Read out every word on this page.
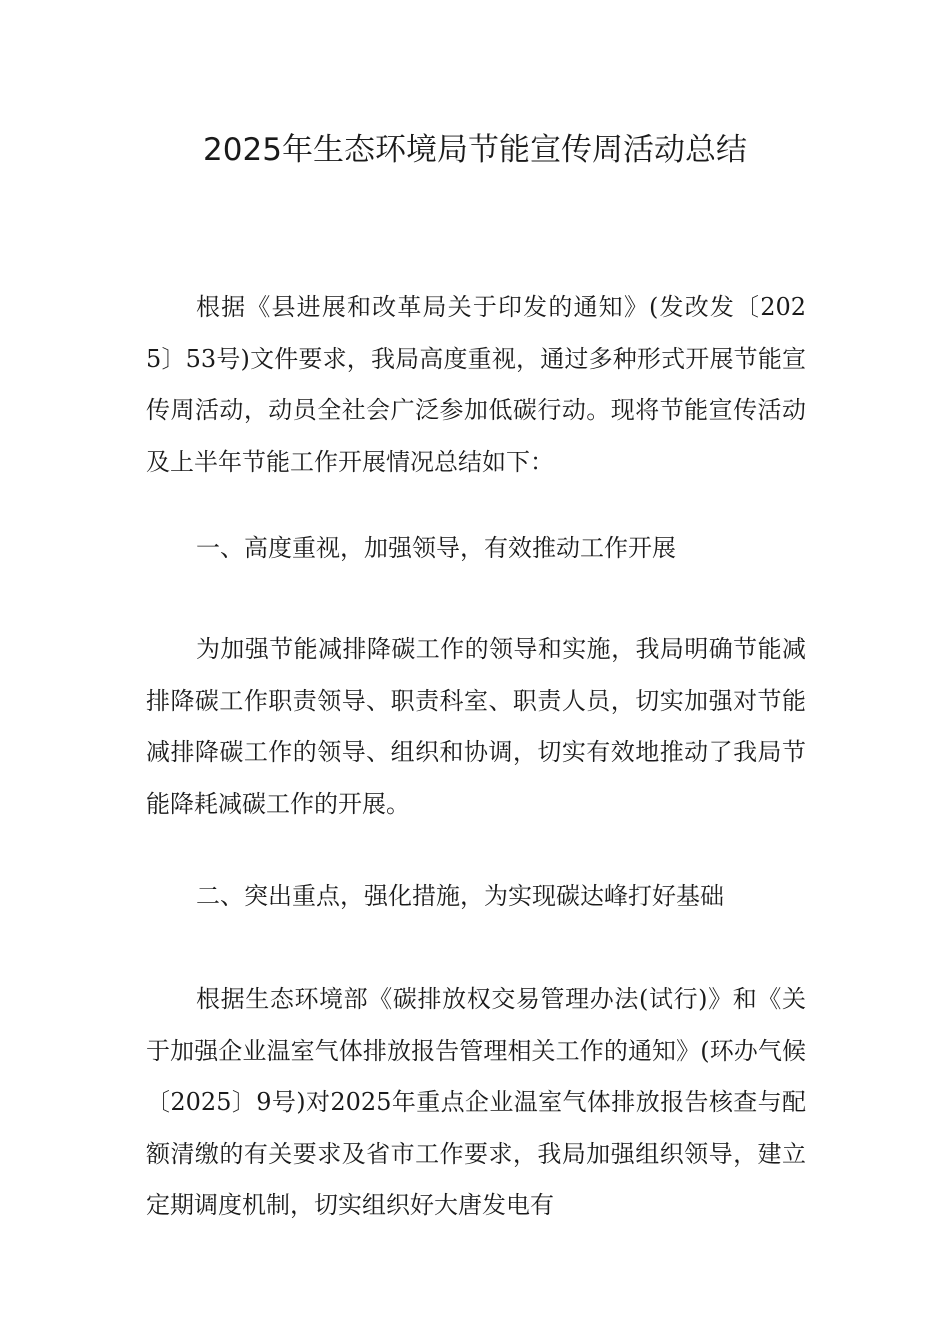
2025年生态环境局节能宣传周活动总结

根据《县进展和改革局关于印发的通知》(发改发〔2025〕53号)文件要求，我局高度重视，通过多种形式开展节能宣传周活动，动员全社会广泛参加低碳行动。现将节能宣传活动及上半年节能工作开展情况总结如下：

一、高度重视，加强领导，有效推动工作开展

为加强节能减排降碳工作的领导和实施，我局明确节能减排降碳工作职责领导、职责科室、职责人员，切实加强对节能减排降碳工作的领导、组织和协调，切实有效地推动了我局节能降耗减碳工作的开展。

二、突出重点，强化措施，为实现碳达峰打好基础

根据生态环境部《碳排放权交易管理办法(试行)》和《关于加强企业温室气体排放报告管理相关工作的通知》(环办气候〔2025〕9号)对2025年重点企业温室气体排放报告核查与配额清缴的有关要求及省市工作要求，我局加强组织领导，建立定期调度机制，切实组织好大唐发电有
